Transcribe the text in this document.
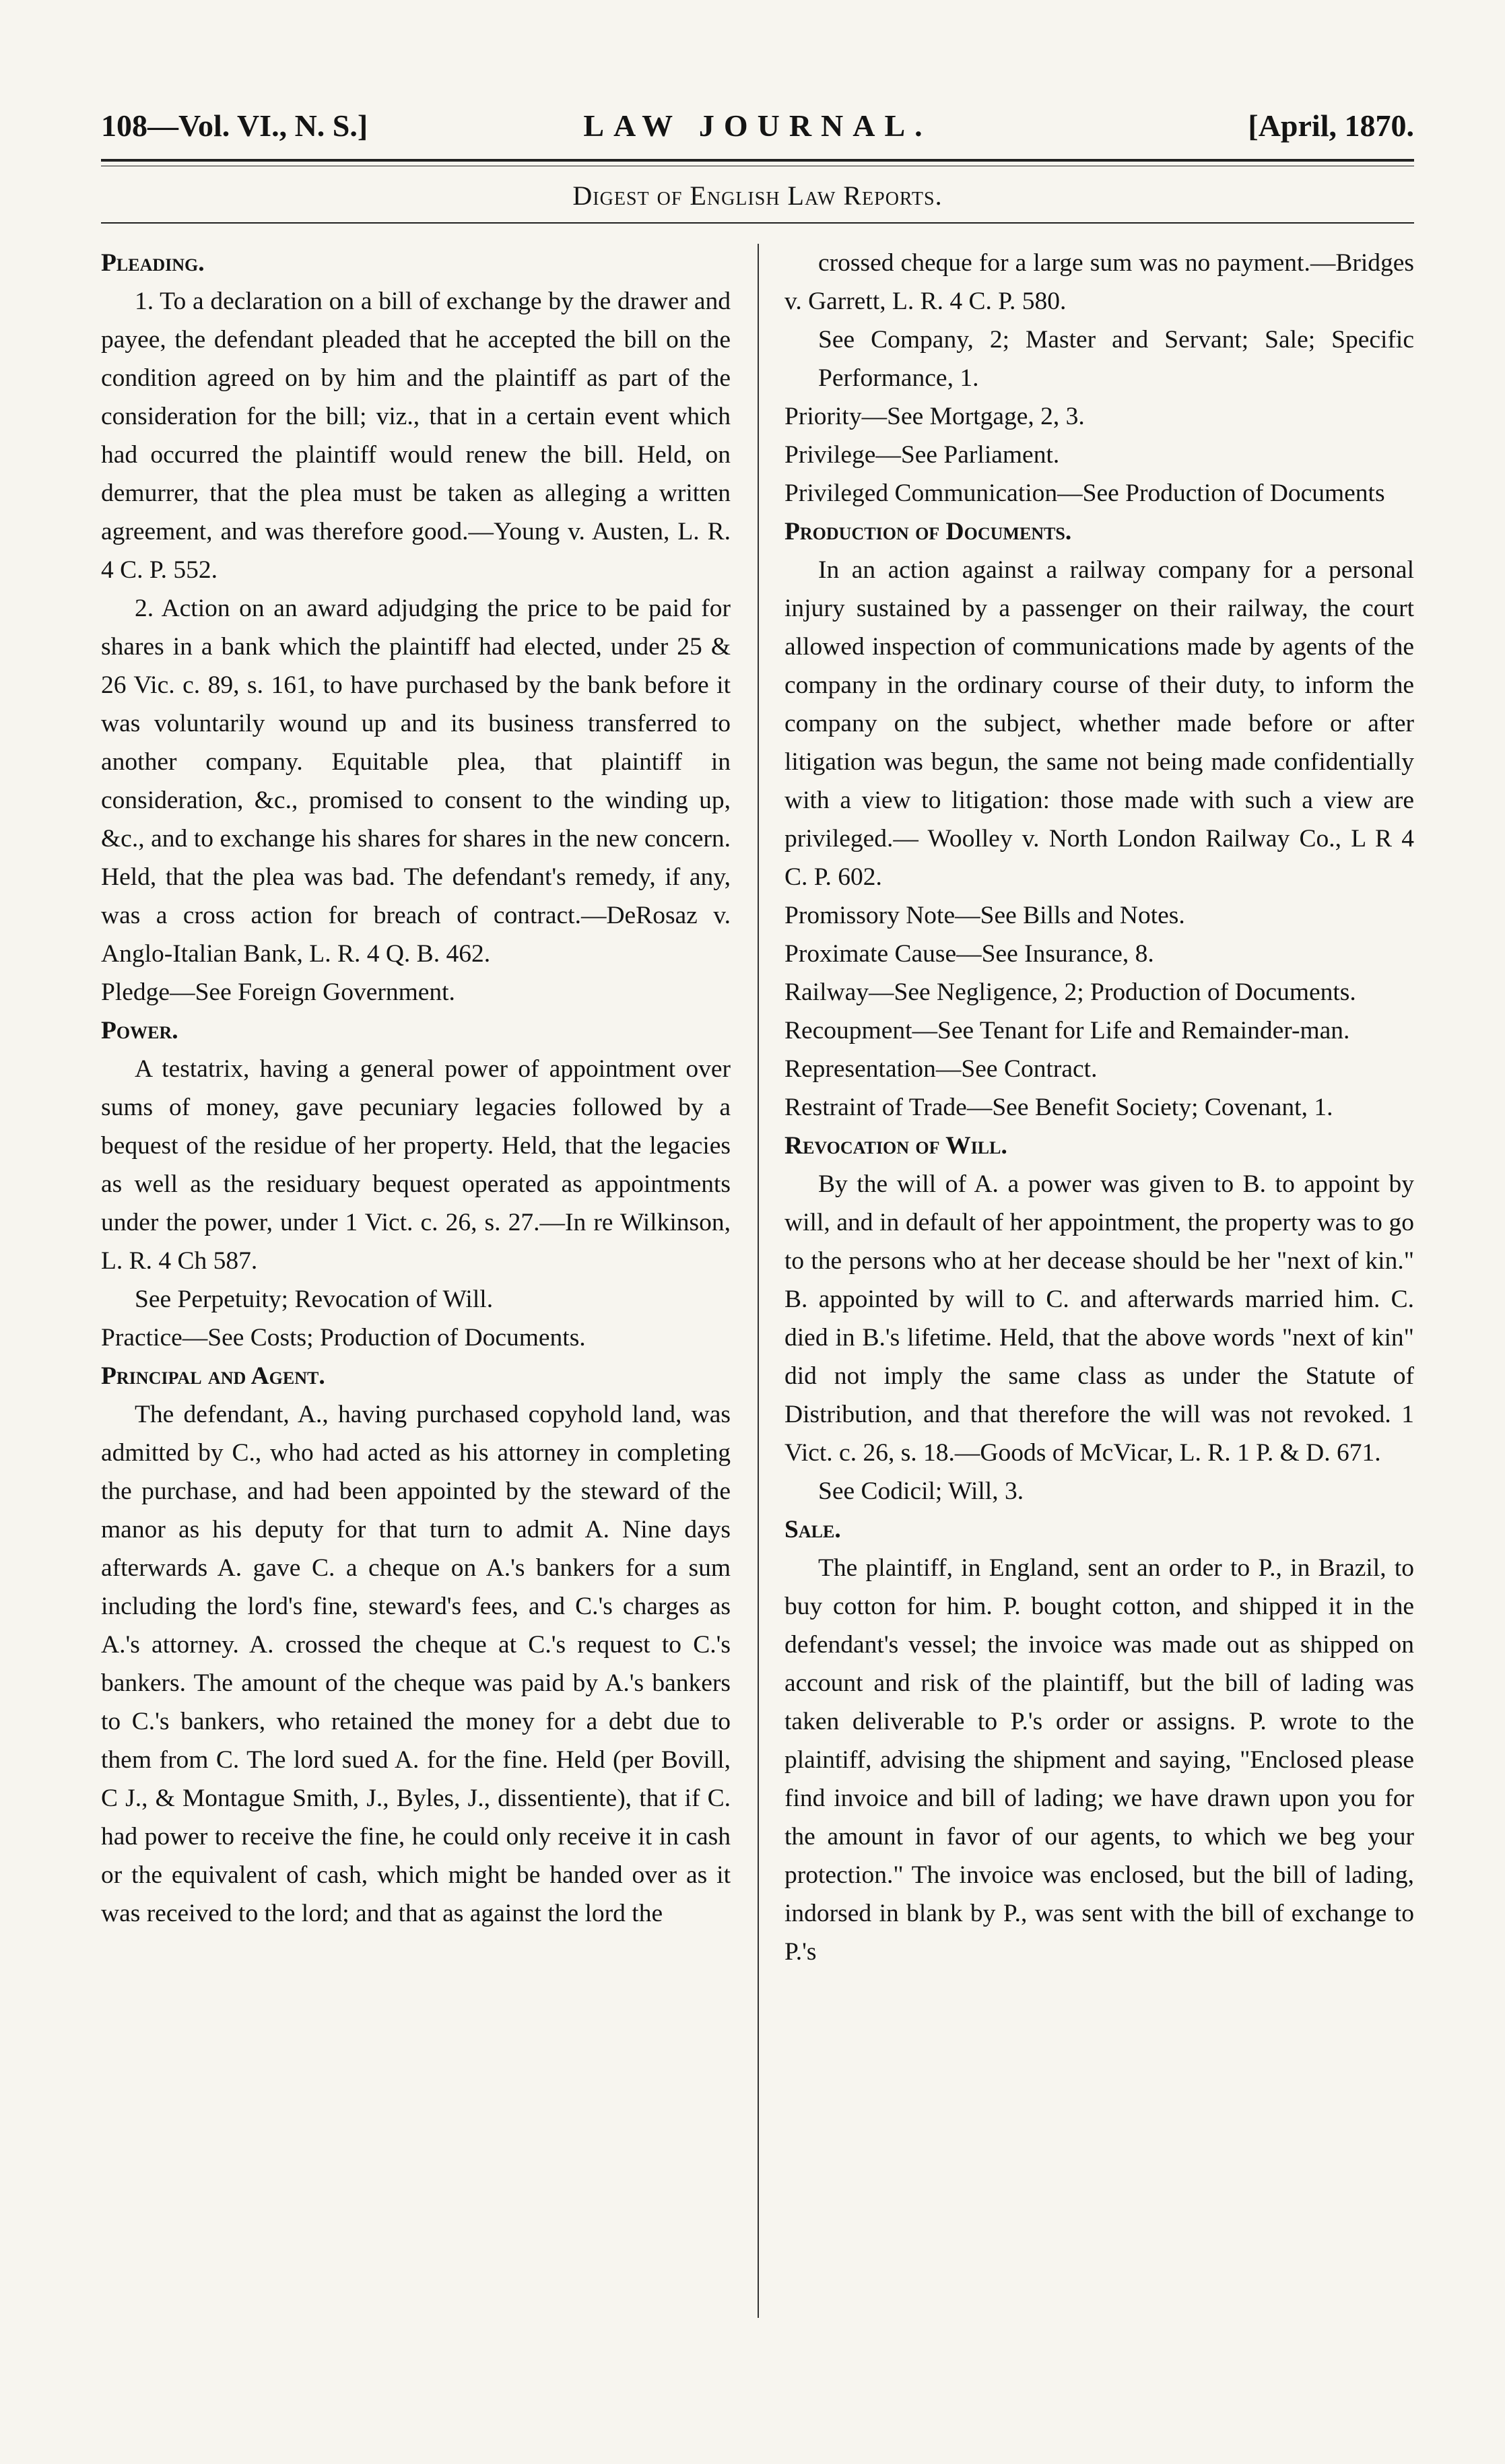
108—Vol. VI., N. S.]	LAW JOURNAL.	[April, 1870.
Digest of English Law Reports.

Pleading.

1. To a declaration on a bill of exchange by the drawer and payee, the defendant pleaded that he accepted the bill on the condition agreed on by him and the plaintiff as part of the consideration for the bill; viz., that in a certain event which had occurred the plaintiff would renew the bill. Held, on demurrer, that the plea must be taken as alleging a written agreement, and was therefore good.—Young v. Austen, L. R. 4 C. P. 552.

2. Action on an award adjudging the price to be paid for shares in a bank which the plaintiff had elected, under 25 & 26 Vic. c. 89, s. 161, to have purchased by the bank before it was voluntarily wound up and its business transferred to another company. Equitable plea, that plaintiff in consideration, &c., promised to consent to the winding up, &c., and to exchange his shares for shares in the new concern. Held, that the plea was bad. The defendant's remedy, if any, was a cross action for breach of contract.—DeRosaz v. Anglo-Italian Bank, L. R. 4 Q. B. 462.

Pledge—See Foreign Government.

Power.

A testatrix, having a general power of appointment over sums of money, gave pecuniary legacies followed by a bequest of the residue of her property. Held, that the legacies as well as the residuary bequest operated as appointments under the power, under 1 Vict. c. 26, s. 27.—In re Wilkinson, L. R. 4 Ch 587.

See Perpetuity; Revocation of Will.

Practice—See Costs; Production of Documents.

Principal and Agent.

The defendant, A., having purchased copyhold land, was admitted by C., who had acted as his attorney in completing the purchase, and had been appointed by the steward of the manor as his deputy for that turn to admit A. Nine days afterwards A. gave C. a cheque on A.'s bankers for a sum including the lord's fine, steward's fees, and C.'s charges as A.'s attorney. A. crossed the cheque at C.'s request to C.'s bankers. The amount of the cheque was paid by A.'s bankers to C.'s bankers, who retained the money for a debt due to them from C. The lord sued A. for the fine. Held (per Bovill, C J., & Montague Smith, J., Byles, J., dissentiente), that if C. had power to receive the fine, he could only receive it in cash or the equivalent of cash, which might be handed over as it was received to the lord; and that as against the lord the

crossed cheque for a large sum was no payment.—Bridges v. Garrett, L. R. 4 C. P. 580.

See Company, 2; Master and Servant; Sale; Specific Performance, 1.

Priority—See Mortgage, 2, 3.

Privilege—See Parliament.

Privileged Communication—See Production of Documents

Production of Documents.

In an action against a railway company for a personal injury sustained by a passenger on their railway, the court allowed inspection of communications made by agents of the company in the ordinary course of their duty, to inform the company on the subject, whether made before or after litigation was begun, the same not being made confidentially with a view to litigation: those made with such a view are privileged.— Woolley v. North London Railway Co., L R 4 C. P. 602.

Promissory Note—See Bills and Notes.

Proximate Cause—See Insurance, 8.

Railway—See Negligence, 2; Production of Documents.

Recoupment—See Tenant for Life and Remainder-man.

Representation—See Contract.

Restraint of Trade—See Benefit Society; Covenant, 1.

Revocation of Will.

By the will of A. a power was given to B. to appoint by will, and in default of her appointment, the property was to go to the persons who at her decease should be her "next of kin." B. appointed by will to C. and afterwards married him. C. died in B.'s lifetime. Held, that the above words "next of kin" did not imply the same class as under the Statute of Distribution, and that therefore the will was not revoked. 1 Vict. c. 26, s. 18.—Goods of McVicar, L. R. 1 P. & D. 671.

See Codicil; Will, 3.

Sale.

The plaintiff, in England, sent an order to P., in Brazil, to buy cotton for him. P. bought cotton, and shipped it in the defendant's vessel; the invoice was made out as shipped on account and risk of the plaintiff, but the bill of lading was taken deliverable to P.'s order or assigns. P. wrote to the plaintiff, advising the shipment and saying, "Enclosed please find invoice and bill of lading; we have drawn upon you for the amount in favor of our agents, to which we beg your protection." The invoice was enclosed, but the bill of lading, indorsed in blank by P., was sent with the bill of exchange to P.'s
